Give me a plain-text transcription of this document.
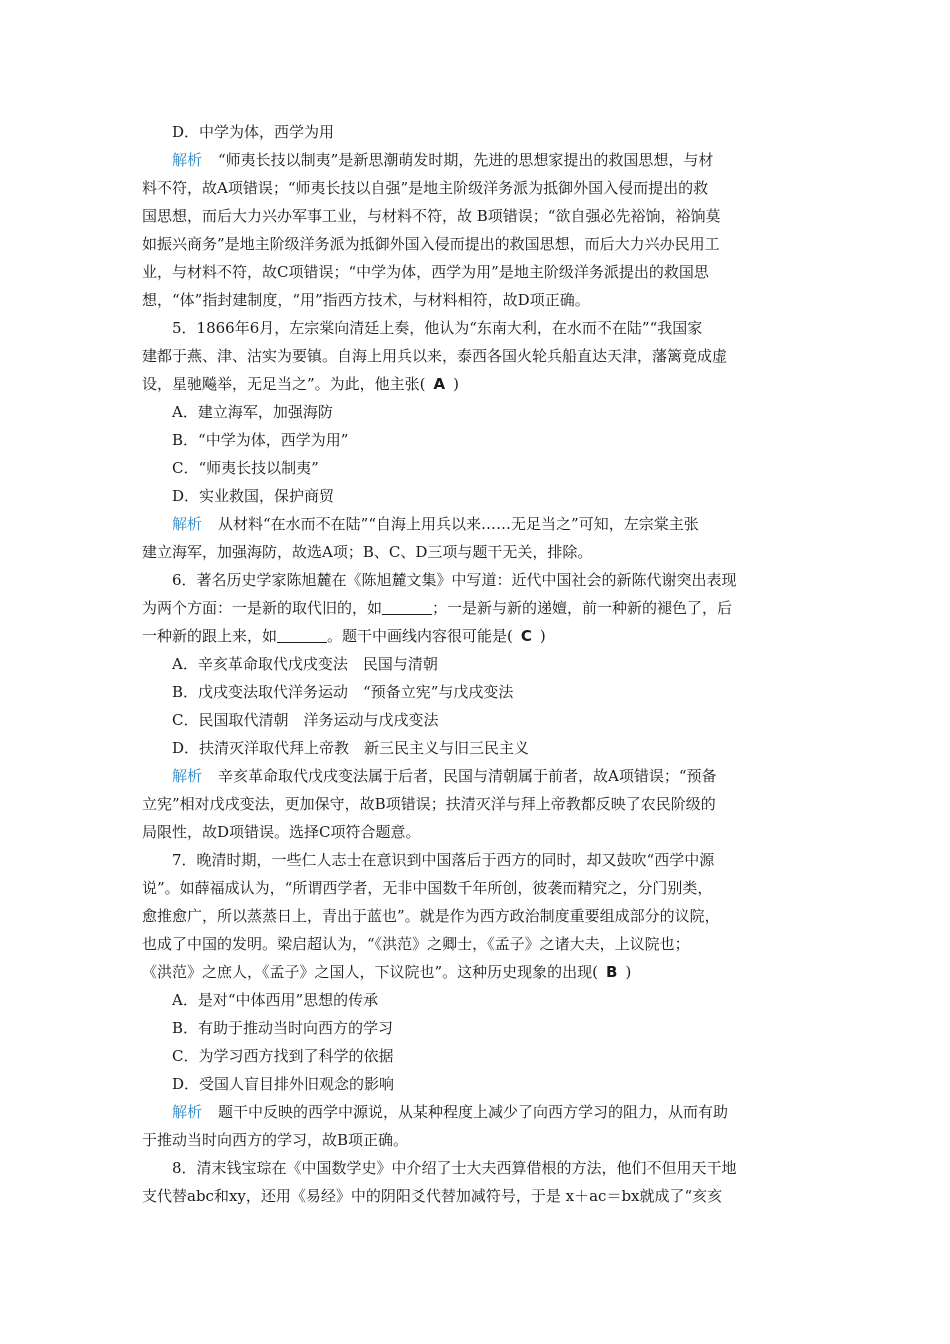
D．中学为体，西学为用
解析 “师夷长技以制夷”是新思潮萌发时期，先进的思想家提出的救国思想，与材
料不符，故A项错误；“师夷长技以自强”是地主阶级洋务派为抵御外国入侵而提出的救
国思想，而后大力兴办军事工业，与材料不符，故 B项错误；“欲自强必先裕饷，裕饷莫
如振兴商务”是地主阶级洋务派为抵御外国入侵而提出的救国思想，而后大力兴办民用工
业，与材料不符，故C项错误；“中学为体，西学为用”是地主阶级洋务派提出的救国思
想，“体”指封建制度，“用”指西方技术，与材料相符，故D项正确。
5．1866年6月，左宗棠向清廷上奏，他认为“东南大利，在水而不在陆”“我国家
建都于燕、津、沽实为要镇。自海上用兵以来，泰西各国火轮兵船直达天津，藩篱竟成虚
设，星驰飚举，无足当之”。为此，他主张( A )
A．建立海军，加强海防
B．“中学为体，西学为用”
C．“师夷长技以制夷”
D．实业救国，保护商贸
解析 从材料“在水而不在陆”“自海上用兵以来……无足当之”可知，左宗棠主张
建立海军，加强海防，故选A项；B、C、D三项与题干无关，排除。
6．著名历史学家陈旭麓在《陈旭麓文集》中写道：近代中国社会的新陈代谢突出表现
为两个方面：一是新的取代旧的，如	；一是新与新的递嬗，前一种新的褪色了，后
一种新的跟上来，如	。题干中画线内容很可能是( C )
A．辛亥革命取代戊戌变法　民国与清朝
B．戊戌变法取代洋务运动　“预备立宪”与戊戌变法
C．民国取代清朝　洋务运动与戊戌变法
D．扶清灭洋取代拜上帝教　新三民主义与旧三民主义
解析 辛亥革命取代戊戌变法属于后者，民国与清朝属于前者，故A项错误；“预备
立宪”相对戊戌变法，更加保守，故B项错误；扶清灭洋与拜上帝教都反映了农民阶级的
局限性，故D项错误。选择C项符合题意。
7．晚清时期，一些仁人志士在意识到中国落后于西方的同时，却又鼓吹“西学中源
说”。如薛福成认为，“所谓西学者，无非中国数千年所创，彼袭而精究之，分门别类，
愈推愈广，所以蒸蒸日上，青出于蓝也”。就是作为西方政治制度重要组成部分的议院，
也成了中国的发明。梁启超认为，“《洪范》之卿士，《孟子》之诸大夫，上议院也；
《洪范》之庶人，《孟子》之国人，下议院也”。这种历史现象的出现( B )
A．是对“中体西用”思想的传承
B．有助于推动当时向西方的学习
C．为学习西方找到了科学的依据
D．受国人盲目排外旧观念的影响
解析 题干中反映的西学中源说，从某种程度上减少了向西方学习的阻力，从而有助
于推动当时向西方的学习，故B项正确。
8．清末钱宝琮在《中国数学史》中介绍了士大夫西算借根的方法，他们不但用天干地
支代替abc和xy，还用《易经》中的阴阳爻代替加减符号，于是 x＋ac＝bx就成了“亥亥
